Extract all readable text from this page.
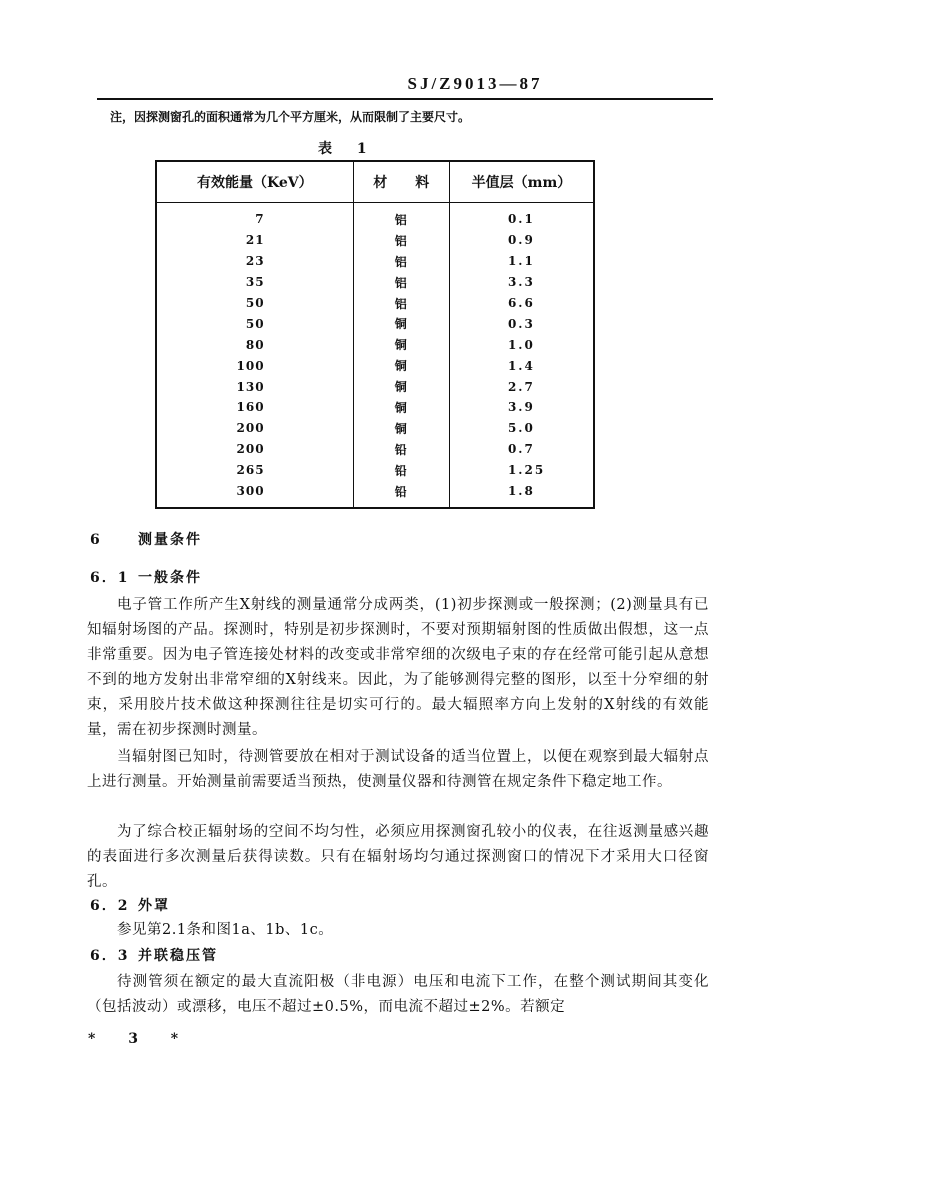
SJ/Z9013—87
注，因探测窗孔的面积通常为几个平方厘米，从而限制了主要尺寸。
表 1
有效能量（KeV）	材　　料	半值层（mm）
7	铝	0.1
21	铝	0.9
23	铝	1.1
35	铝	3.3
50	铝	6.6
50	铜	0.3
80	铜	1.0
100	铜	1.4
130	铜	2.7
160	铜	3.9
200	铜	5.0
200	铅	0.7
265	铅	1.25
300	铅	1.8
6	测量条件
6．1 一般条件
电子管工作所产生X射线的测量通常分成两类，(1)初步探测或一般探测；(2)测量具有已知辐射场图的产品。探测时，特别是初步探测时，不要对预期辐射图的性质做出假想，这一点非常重要。因为电子管连接处材料的改变或非常窄细的次级电子束的存在经常可能引起从意想不到的地方发射出非常窄细的X射线来。因此，为了能够测得完整的图形，以至十分窄细的射束，采用胶片技术做这种探测往往是切实可行的。最大辐照率方向上发射的X射线的有效能量，需在初步探测时测量。
当辐射图已知时，待测管要放在相对于测试设备的适当位置上，以便在观察到最大辐射点上进行测量。开始测量前需要适当预热，使测量仪器和待测管在规定条件下稳定地工作。
为了综合校正辐射场的空间不均匀性，必须应用探测窗孔较小的仪表，在往返测量感兴趣的表面进行多次测量后获得读数。只有在辐射场均匀通过探测窗口的情况下才采用大口径窗孔。
6．2 外罩
参见第2.1条和图1a、1b、1c。
6．3 并联稳压管
待测管须在额定的最大直流阳极（非电源）电压和电流下工作，在整个测试期间其变化（包括波动）或漂移，电压不超过±0.5%，而电流不超过±2%。若额定
* 3 *
